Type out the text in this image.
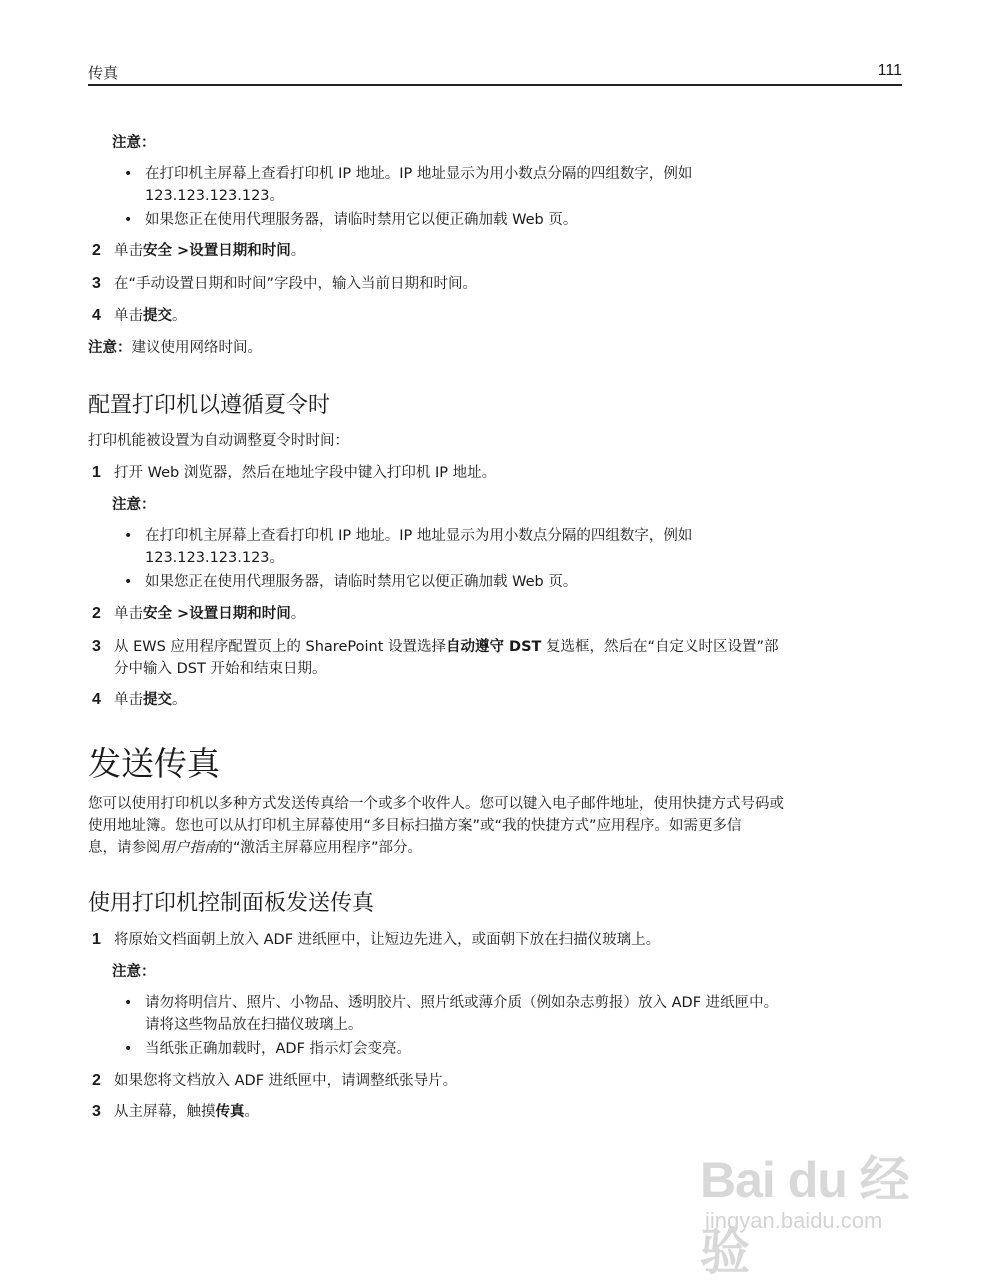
传真	111
注意：
• 在打印机主屏幕上查看打印机 IP 地址。IP 地址显示为用小数点分隔的四组数字，例如
123.123.123.123。
• 如果您正在使用代理服务器，请临时禁用它以便正确加载 Web 页。
2 单击安全 >设置日期和时间。
3 在“手动设置日期和时间”字段中，输入当前日期和时间。
4 单击提交。
注意：建议使用网络时间。
配置打印机以遵循夏令时
打印机能被设置为自动调整夏令时时间：
1 打开 Web 浏览器，然后在地址字段中键入打印机 IP 地址。
注意：
• 在打印机主屏幕上查看打印机 IP 地址。IP 地址显示为用小数点分隔的四组数字，例如
123.123.123.123。
• 如果您正在使用代理服务器，请临时禁用它以便正确加载 Web 页。
2 单击安全 >设置日期和时间。
3 从 EWS 应用程序配置页上的 SharePoint 设置选择自动遵守 DST 复选框，然后在“自定义时区设置”部
分中输入 DST 开始和结束日期。
4 单击提交。
发送传真
您可以使用打印机以多种方式发送传真给一个或多个收件人。您可以键入电子邮件地址，使用快捷方式号码或
使用地址簿。您也可以从打印机主屏幕使用“多目标扫描方案”或“我的快捷方式”应用程序。如需更多信
息，请参阅用户指南的“激活主屏幕应用程序”部分。
使用打印机控制面板发送传真
1 将原始文档面朝上放入 ADF 进纸匣中，让短边先进入，或面朝下放在扫描仪玻璃上。
注意：
• 请勿将明信片、照片、小物品、透明胶片、照片纸或薄介质（例如杂志剪报）放入 ADF 进纸匣中。
请将这些物品放在扫描仪玻璃上。
• 当纸张正确加载时，ADF 指示灯会变亮。
2 如果您将文档放入 ADF 进纸匣中，请调整纸张导片。
3 从主屏幕，触摸传真。
Bai du 经验
jingyan.baidu.com
